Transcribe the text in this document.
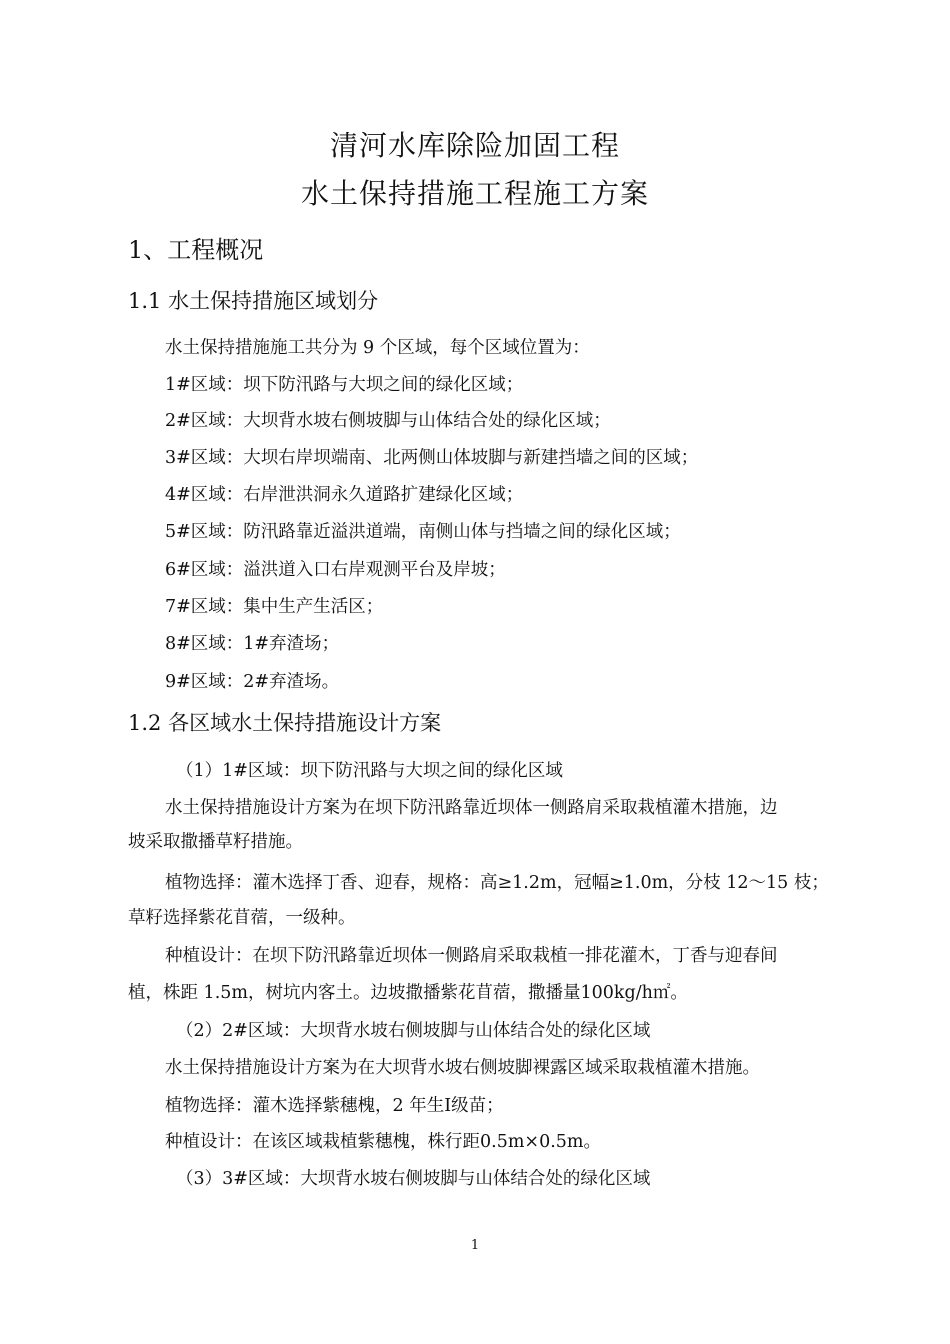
清河水库除险加固工程
水土保持措施工程施工方案
1、工程概况
1.1 水土保持措施区域划分
水土保持措施施工共分为 9 个区域，每个区域位置为：
1#区域：坝下防汛路与大坝之间的绿化区域；
2#区域：大坝背水坡右侧坡脚与山体结合处的绿化区域；
3#区域：大坝右岸坝端南、北两侧山体坡脚与新建挡墙之间的区域；
4#区域：右岸泄洪洞永久道路扩建绿化区域；
5#区域：防汛路靠近溢洪道端，南侧山体与挡墙之间的绿化区域；
6#区域：溢洪道入口右岸观测平台及岸坡；
7#区域：集中生产生活区；
8#区域：1#弃渣场；
9#区域：2#弃渣场。
1.2 各区域水土保持措施设计方案
（1）1#区域：坝下防汛路与大坝之间的绿化区域
水土保持措施设计方案为在坝下防汛路靠近坝体一侧路肩采取栽植灌木措施，边
坡采取撒播草籽措施。
植物选择：灌木选择丁香、迎春，规格：高≥1.2m，冠幅≥1.0m，分枝 12～15 枝；
草籽选择紫花苜蓿，一级种。
种植设计：在坝下防汛路靠近坝体一侧路肩采取栽植一排花灌木，丁香与迎春间
植，株距 1.5m，树坑内客土。边坡撒播紫花苜蓿，撒播量100kg/h㎡。
（2）2#区域：大坝背水坡右侧坡脚与山体结合处的绿化区域
水土保持措施设计方案为在大坝背水坡右侧坡脚裸露区域采取栽植灌木措施。
植物选择：灌木选择紫穗槐，2 年生Ⅰ级苗；
种植设计：在该区域栽植紫穗槐，株行距0.5m×0.5m。
（3）3#区域：大坝背水坡右侧坡脚与山体结合处的绿化区域
1
